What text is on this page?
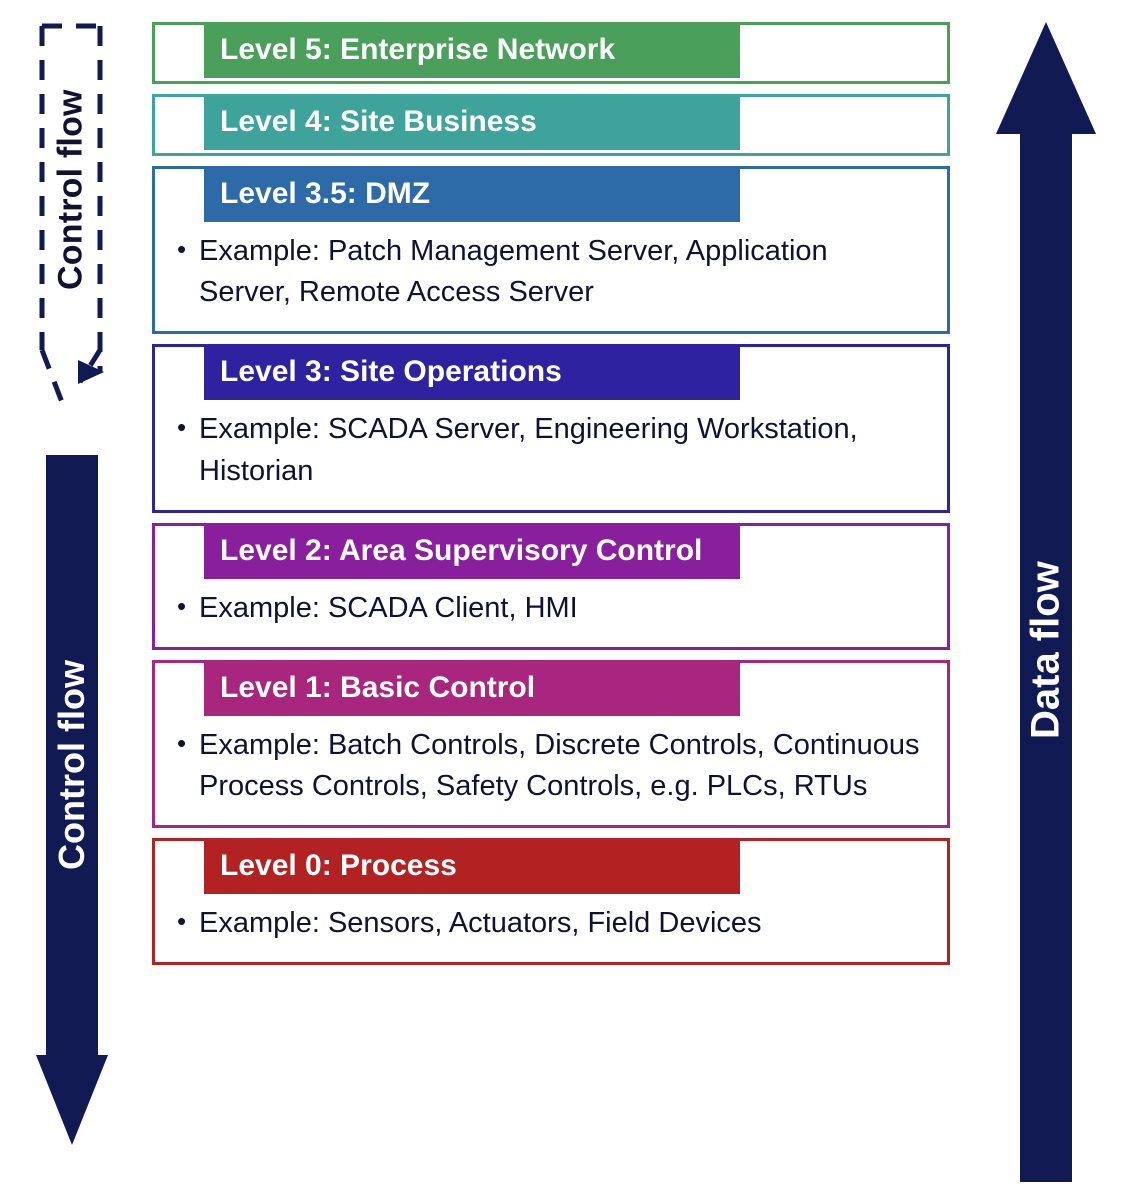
Control flow
Control flow
Data flow
Level 5: Enterprise Network
Level 4: Site Business
Level 3.5: DMZ
• Example: Patch Management Server, Application Server, Remote Access Server
Level 3: Site Operations
• Example: SCADA Server, Engineering Workstation, Historian
Level 2: Area Supervisory Control
• Example: SCADA Client, HMI
Level 1: Basic Control
• Example: Batch Controls, Discrete Controls, Continuous Process Controls, Safety Controls, e.g. PLCs, RTUs
Level 0: Process
• Example: Sensors, Actuators, Field Devices
